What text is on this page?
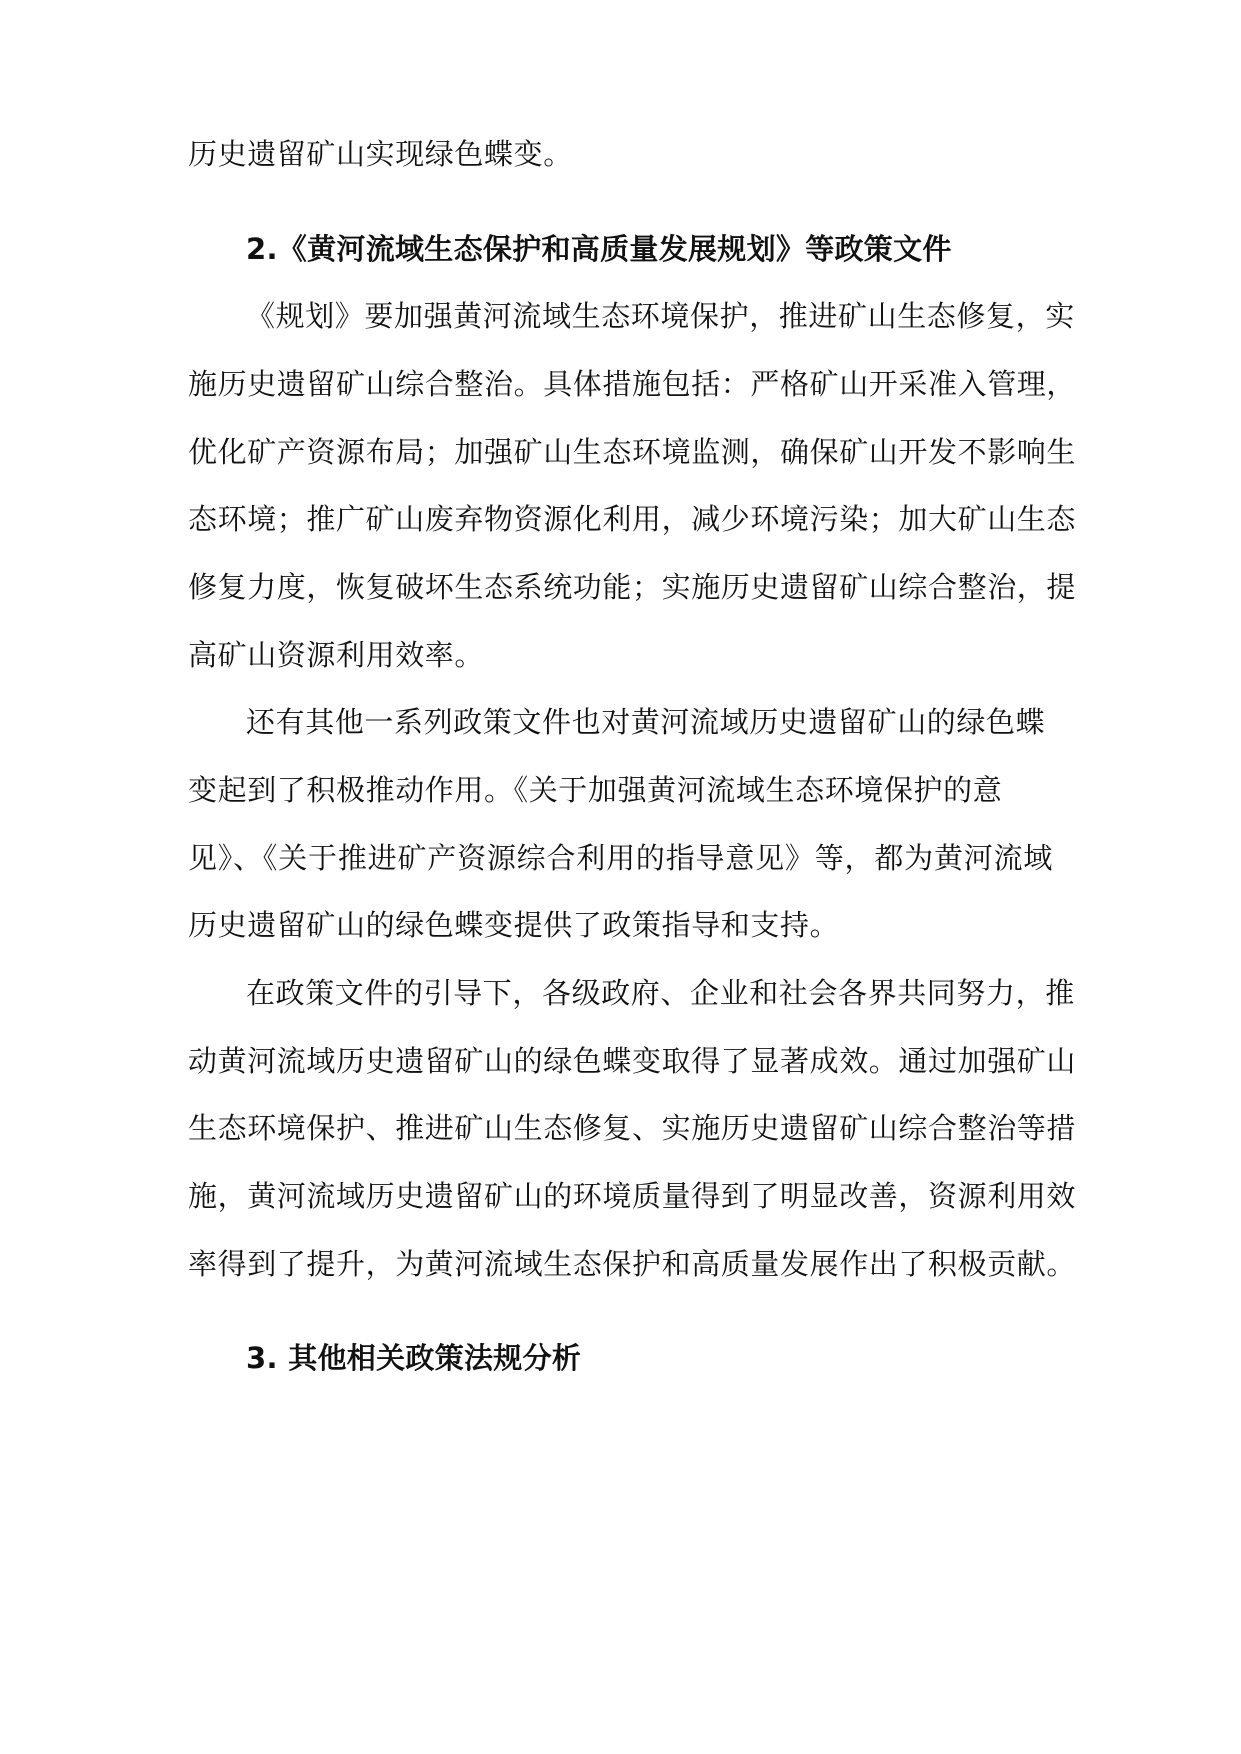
历史遗留矿山实现绿色蝶变。
2.《黄河流域生态保护和高质量发展规划》等政策文件
《规划》要加强黄河流域生态环境保护，推进矿山生态修复，实
施历史遗留矿山综合整治。具体措施包括：严格矿山开采准入管理，
优化矿产资源布局；加强矿山生态环境监测，确保矿山开发不影响生
态环境；推广矿山废弃物资源化利用，减少环境污染；加大矿山生态
修复力度，恢复破坏生态系统功能；实施历史遗留矿山综合整治，提
高矿山资源利用效率。
还有其他一系列政策文件也对黄河流域历史遗留矿山的绿色蝶
变起到了积极推动作用。《关于加强黄河流域生态环境保护的意
见》、《关于推进矿产资源综合利用的指导意见》等，都为黄河流域
历史遗留矿山的绿色蝶变提供了政策指导和支持。
在政策文件的引导下，各级政府、企业和社会各界共同努力，推
动黄河流域历史遗留矿山的绿色蝶变取得了显著成效。通过加强矿山
生态环境保护、推进矿山生态修复、实施历史遗留矿山综合整治等措
施，黄河流域历史遗留矿山的环境质量得到了明显改善，资源利用效
率得到了提升，为黄河流域生态保护和高质量发展作出了积极贡献。
3. 其他相关政策法规分析
